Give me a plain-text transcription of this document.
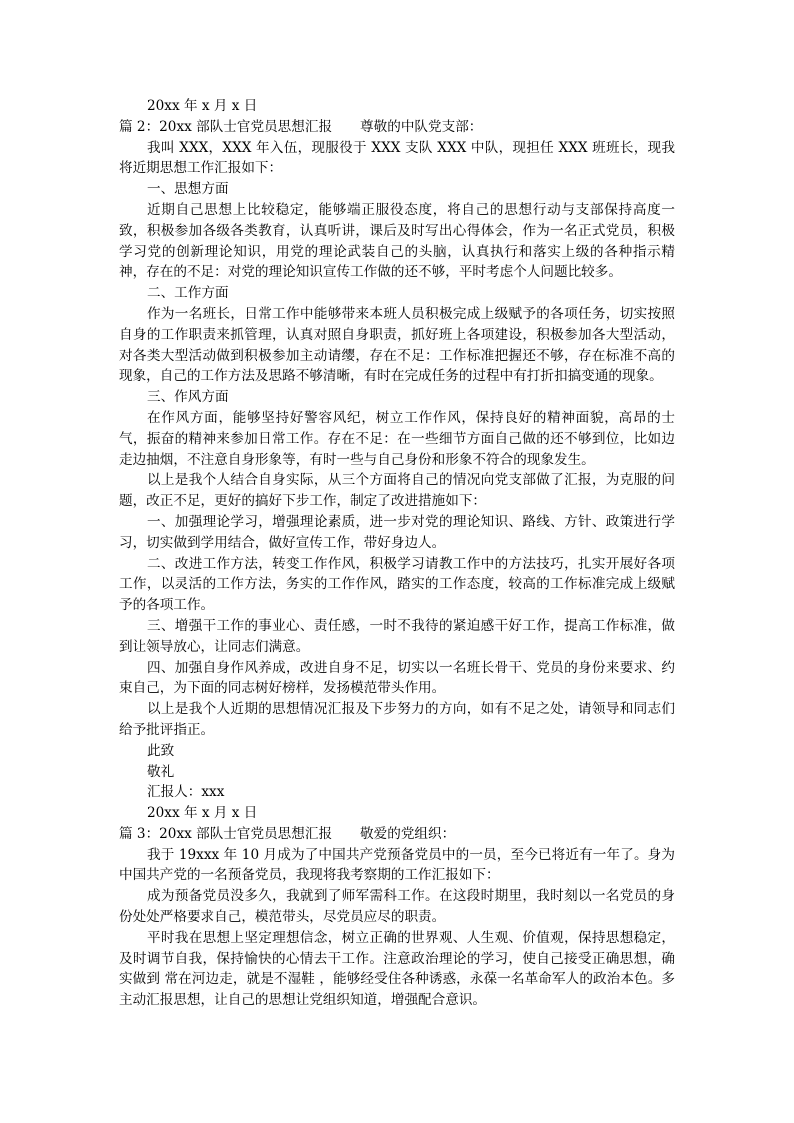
20xx 年 x 月 x 日
篇 2：20xx 部队士官党员思想汇报 尊敬的中队党支部：
我叫 XXX，XXX 年入伍，现服役于 XXX 支队 XXX 中队，现担任 XXX 班班长，现我将近期思想工作汇报如下：
一、思想方面
近期自己思想上比较稳定，能够端正服役态度，将自己的思想行动与支部保持高度一致，积极参加各级各类教育，认真听讲，课后及时写出心得体会，作为一名正式党员，积极学习党的创新理论知识，用党的理论武装自己的头脑，认真执行和落实上级的各种指示精神，存在的不足：对党的理论知识宣传工作做的还不够，平时考虑个人问题比较多。
二、工作方面
作为一名班长，日常工作中能够带来本班人员积极完成上级赋予的各项任务，切实按照自身的工作职责来抓管理，认真对照自身职责，抓好班上各项建设，积极参加各大型活动，对各类大型活动做到积极参加主动请缨，存在不足：工作标准把握还不够，存在标准不高的现象，自己的工作方法及思路不够清晰，有时在完成任务的过程中有打折扣搞变通的现象。
三、作风方面
在作风方面，能够坚持好警容风纪，树立工作作风，保持良好的精神面貌，高昂的士气，振奋的精神来参加日常工作。存在不足：在一些细节方面自己做的还不够到位，比如边走边抽烟，不注意自身形象等，有时一些与自己身份和形象不符合的现象发生。
以上是我个人结合自身实际，从三个方面将自己的情况向党支部做了汇报，为克服的问题，改正不足，更好的搞好下步工作，制定了改进措施如下：
一、加强理论学习，增强理论素质，进一步对党的理论知识、路线、方针、政策进行学习，切实做到学用结合，做好宣传工作，带好身边人。
二、改进工作方法，转变工作作风，积极学习请教工作中的方法技巧，扎实开展好各项工作，以灵活的工作方法，务实的工作作风，踏实的工作态度，较高的工作标准完成上级赋予的各项工作。
三、增强干工作的事业心、责任感，一时不我待的紧迫感干好工作，提高工作标准，做到让领导放心，让同志们满意。
四、加强自身作风养成，改进自身不足，切实以一名班长骨干、党员的身份来要求、约束自己，为下面的同志树好榜样，发扬模范带头作用。
以上是我个人近期的思想情况汇报及下步努力的方向，如有不足之处，请领导和同志们给予批评指正。
此致
敬礼
汇报人：xxx
20xx 年 x 月 x 日
篇 3：20xx 部队士官党员思想汇报 敬爱的党组织：
我于 19xxx 年 10 月成为了中国共产党预备党员中的一员，至今已将近有一年了。身为中国共产党的一名预备党员，我现将我考察期的工作汇报如下：
成为预备党员没多久，我就到了师军需科工作。在这段时期里，我时刻以一名党员的身份处处严格要求自己，模范带头，尽党员应尽的职责。
平时我在思想上坚定理想信念，树立正确的世界观、人生观、价值观，保持思想稳定，及时调节自我，保持愉快的心情去干工作。注意政治理论的学习，使自己接受正确思想，确实做到 常在河边走，就是不湿鞋 ，能够经受住各种诱惑，永葆一名革命军人的政治本色。多主动汇报思想，让自己的思想让党组织知道，增强配合意识。
